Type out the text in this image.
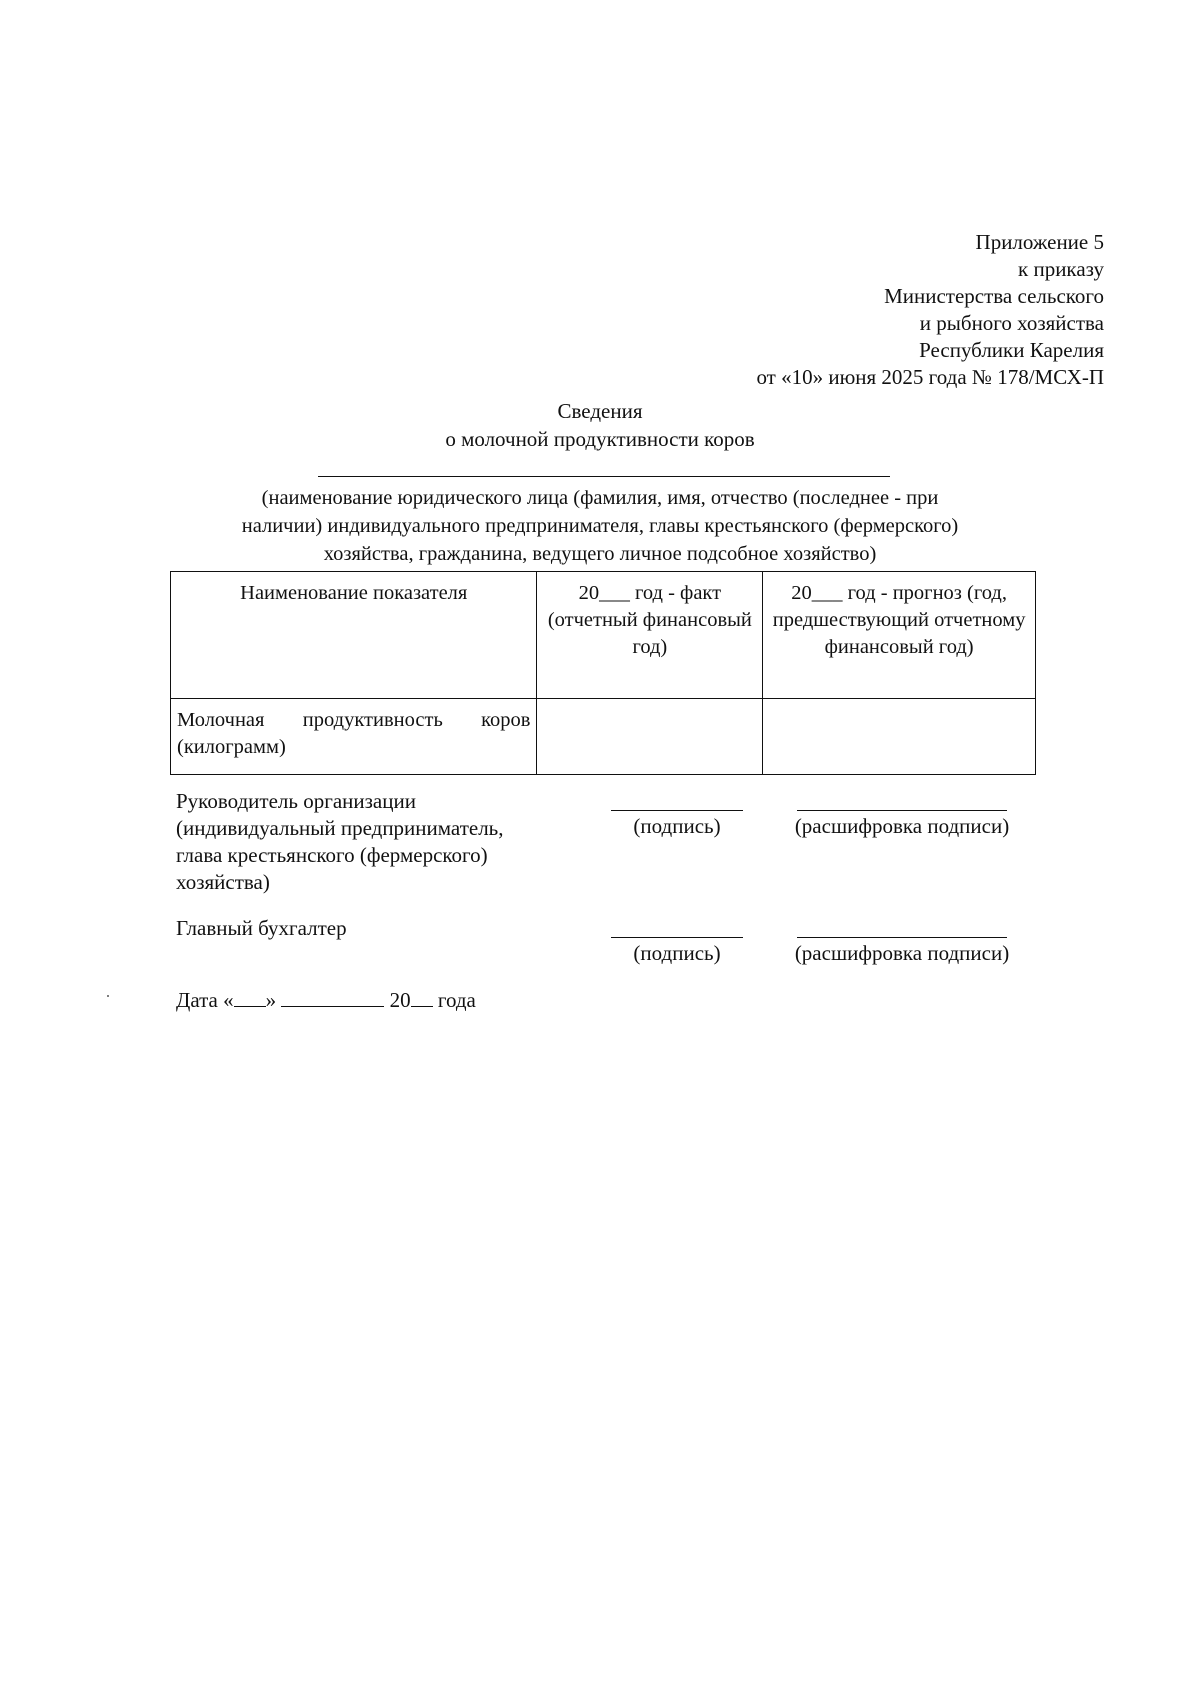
Приложение 5
к приказу
Министерства сельского
и рыбного хозяйства
Республики Карелия
от «10» июня 2025 года № 178/МСХ-П
Сведения
о молочной продуктивности коров
(наименование юридического лица (фамилия, имя, отчество (последнее - при
наличии) индивидуального предпринимателя, главы крестьянского (фермерского)
хозяйства, гражданина, ведущего личное подсобное хозяйство)
Наименование показателя	20___ год - факт (отчетный финансовый год)	20___ год - прогноз (год, предшествующий отчетному финансовый год)
Молочная продуктивность коров (килограмм)		
Руководитель организации
(индивидуальный предприниматель,
глава крестьянского (фермерского)
хозяйства)
(подпись)	(расшифровка подписи)
Главный бухгалтер
(подпись)	(расшифровка подписи)
Дата « »	20 года
